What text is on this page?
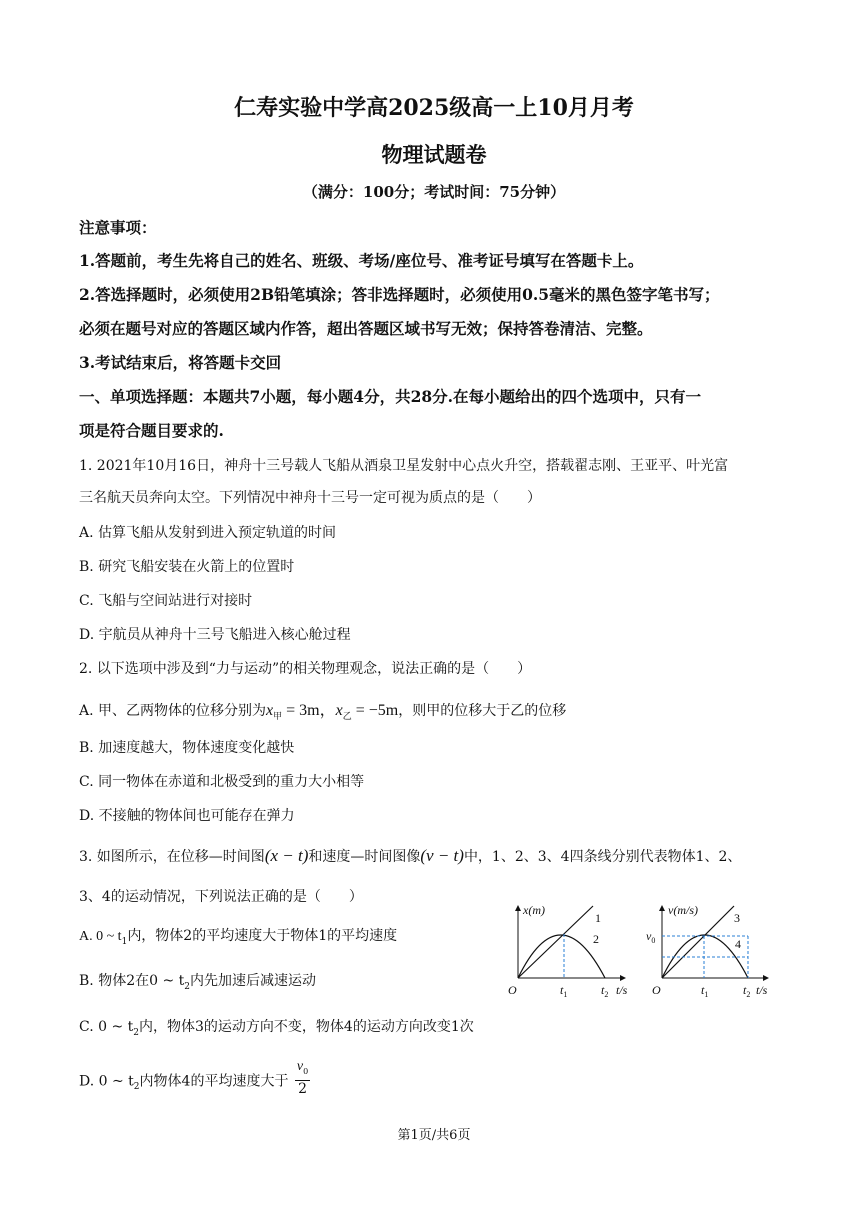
仁寿实验中学高2025级高一上10月月考
物理试题卷
（满分：100分；考试时间：75分钟）
注意事项：
1.答题前，考生先将自己的姓名、班级、考场/座位号、准考证号填写在答题卡上。
2.答选择题时，必须使用2B铅笔填涂；答非选择题时，必须使用0.5毫米的黑色签字笔书写；
必须在题号对应的答题区域内作答，超出答题区域书写无效；保持答卷清洁、完整。
3.考试结束后，将答题卡交回
一、单项选择题：本题共7小题，每小题4分，共28分.在每小题给出的四个选项中，只有一
项是符合题目要求的.
1. 2021年10月16日，神舟十三号载人飞船从酒泉卫星发射中心点火升空，搭载翟志刚、王亚平、叶光富
三名航天员奔向太空。下列情况中神舟十三号一定可视为质点的是（　　）
A. 估算飞船从发射到进入预定轨道的时间
B. 研究飞船安装在火箭上的位置时
C. 飞船与空间站进行对接时
D. 宇航员从神舟十三号飞船进入核心舱过程
2. 以下选项中涉及到“力与运动”的相关物理观念，说法正确的是（　　）
A. 甲、乙两物体的位移分别为$x_甲 = 3m$，$x_乙 = -5m$，则甲的位移大于乙的位移
B. 加速度越大，物体速度变化越快
C. 同一物体在赤道和北极受到的重力大小相等
D. 不接触的物体间也可能存在弹力
3. 如图所示，在位移—时间图(x − t)和速度—时间图像(v − t)中，1、2、3、4四条线分别代表物体1、2、
3、4的运动情况，下列说法正确的是（　　）
A. 0 ~ $t_1$内，物体2的平均速度大于物体1的平均速度
B. 物体2在0 ~ $t_2$内先加速后减速运动
C. 0 ~ $t_2$内，物体3的运动方向不变，物体4的运动方向改变1次
D. 0 ~ $t_2$内物体4的平均速度大于 $\frac{v_0}{2}$
x(m)
1
2
O	$t_1$	$t_2$ t/s
v(m/s)
$v_0$
3
4
O	$t_1$	$t_2$ t/s
第1页/共6页
